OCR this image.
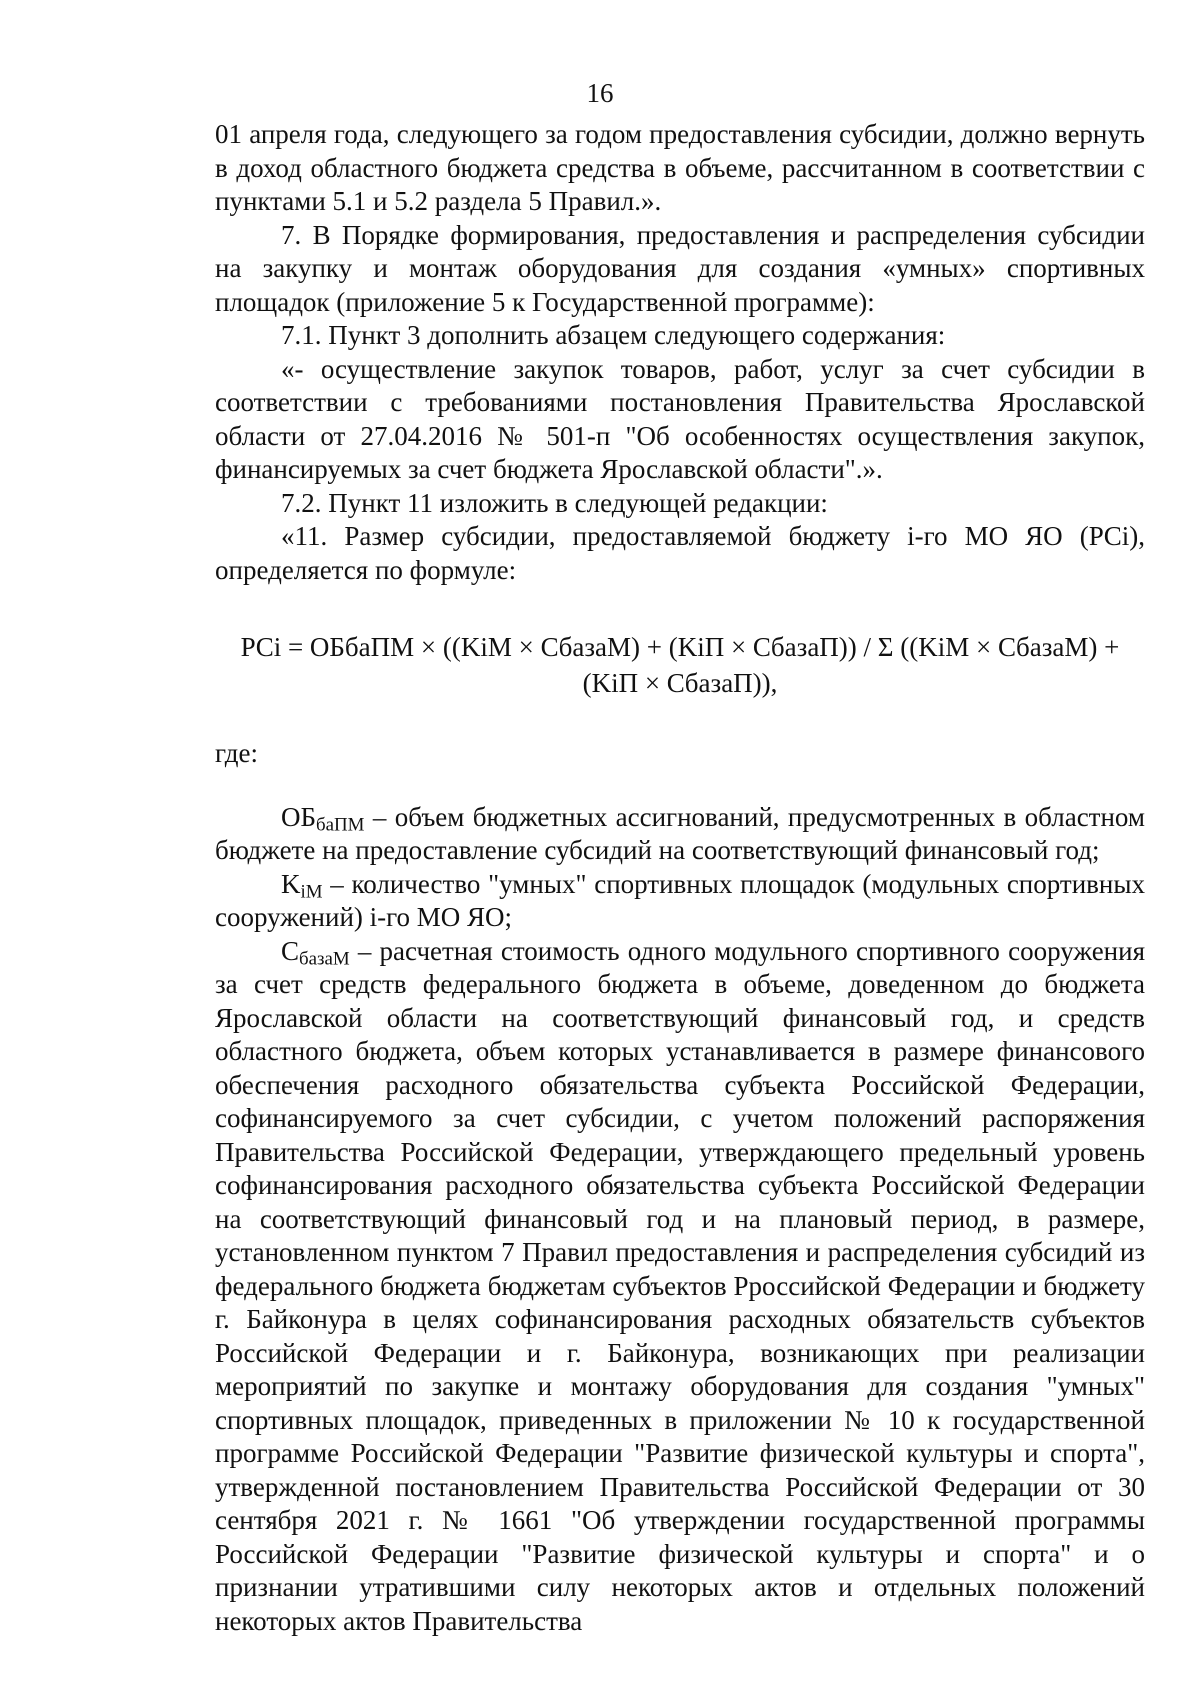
16

01 апреля года, следующего за годом предоставления субсидии, должно вернуть в доход областного бюджета средства в объеме, рассчитанном в соответствии с пунктами 5.1 и 5.2 раздела 5 Правил.».

7. В Порядке формирования, предоставления и распределения субсидии на закупку и монтаж оборудования для создания «умных» спортивных площадок (приложение 5 к Государственной программе):

7.1. Пункт 3 дополнить абзацем следующего содержания:

«- осуществление закупок товаров, работ, услуг за счет субсидии в соответствии с требованиями постановления Правительства Ярославской области от 27.04.2016 № 501-п "Об особенностях осуществления закупок, финансируемых за счет бюджета Ярославской области".».

7.2. Пункт 11 изложить в следующей редакции:

«11. Размер субсидии, предоставляемой бюджету i-го МО ЯО (PCi), определяется по формуле:

PCi = ОБбаПМ × ((KiM × CбазаМ) + (KiП × CбазаП)) / Σ ((KiM × CбазаМ) +
(KiП × CбазаП)),

где:

$ОБ_{баПМ}$ – объем бюджетных ассигнований, предусмотренных в областном бюджете на предоставление субсидий на соответствующий финансовый год;

$K_{iM}$ – количество "умных" спортивных площадок (модульных спортивных сооружений) i-го МО ЯО;

$C_{базаМ}$ – расчетная стоимость одного модульного спортивного сооружения за счет средств федерального бюджета в объеме, доведенном до бюджета Ярославской области на соответствующий финансовый год, и средств областного бюджета, объем которых устанавливается в размере финансового обеспечения расходного обязательства субъекта Российской Федерации, софинансируемого за счет субсидии, с учетом положений распоряжения Правительства Российской Федерации, утверждающего предельный уровень софинансирования расходного обязательства субъекта Российской Федерации на соответствующий финансовый год и на плановый период, в размере, установленном пунктом 7 Правил предоставления и распределения субсидий из федерального бюджета бюджетам субъектов Рроссийской Федерации и бюджету г. Байконура в целях софинансирования расходных обязательств субъектов Российской Федерации и г. Байконура, возникающих при реализации мероприятий по закупке и монтажу оборудования для создания "умных" спортивных площадок, приведенных в приложении № 10 к государственной программе Российской Федерации "Развитие физической культуры и спорта", утвержденной постановлением Правительства Российской Федерации от 30 сентября 2021 г. № 1661 "Об утверждении государственной программы Российской Федерации "Развитие физической культуры и спорта" и о признании утратившими силу некоторых актов и отдельных положений некоторых актов Правительства
